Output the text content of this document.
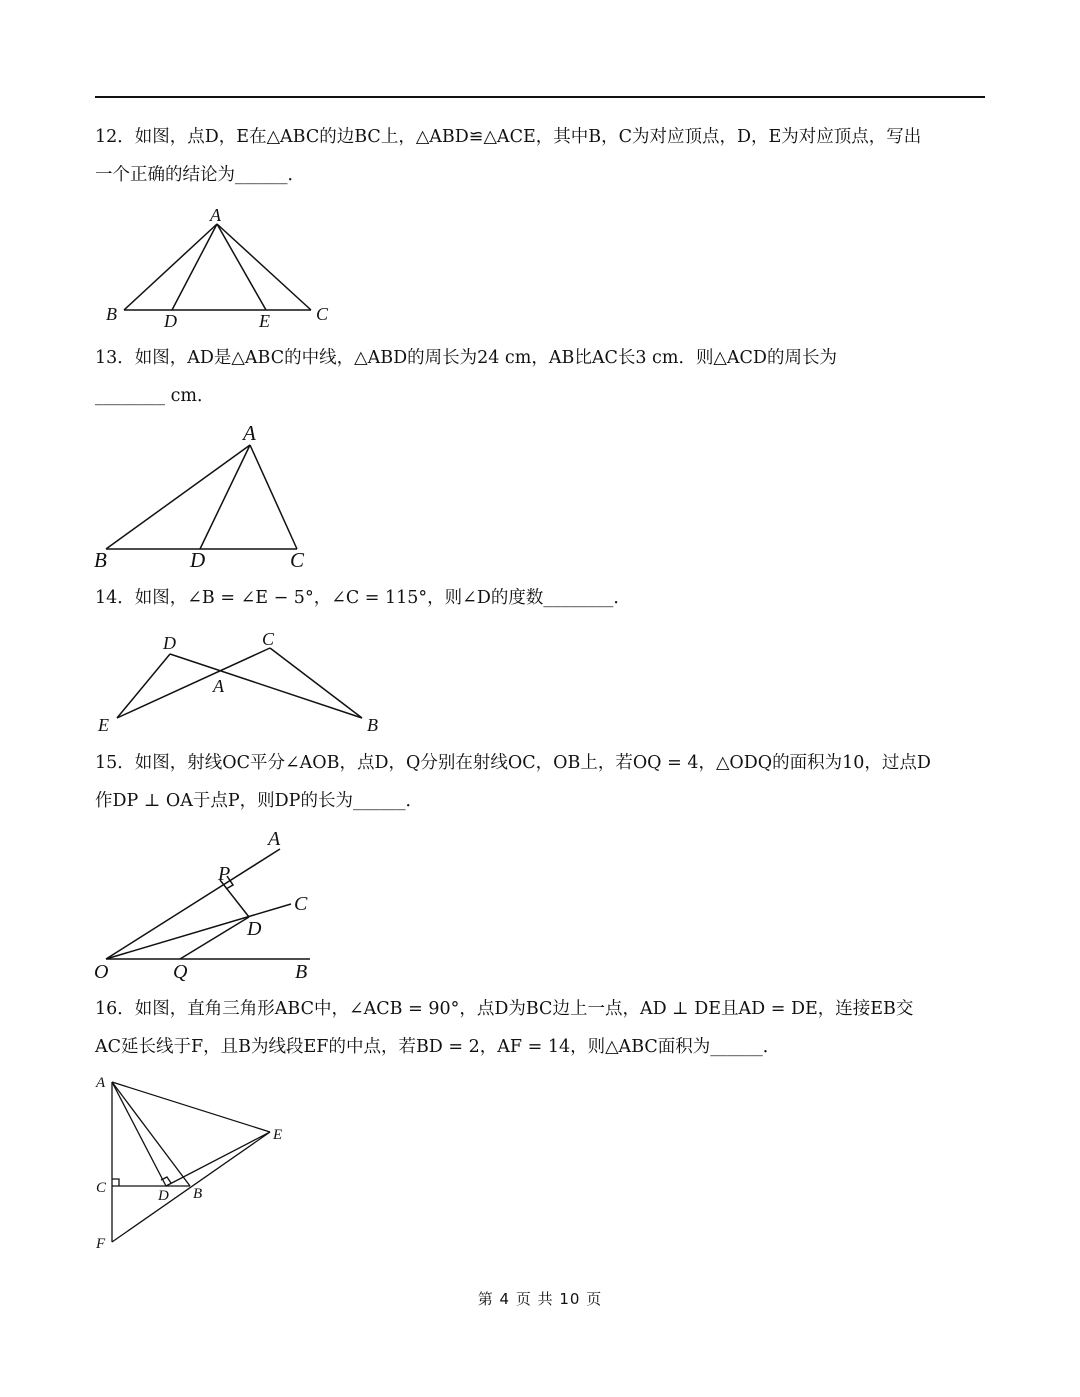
12．如图，点D，E在△ABC的边BC上，△ABD≌△ACE，其中B，C为对应顶点，D，E为对应顶点，写出
一个正确的结论为______．
A
B	D	E	C
13．如图，AD是△ABC的中线，△ABD的周长为24 cm，AB比AC长3 cm．则△ACD的周长为
________ cm．
A
B	D	C
14．如图，∠B = ∠E − 5°，∠C = 115°，则∠D的度数________．
D	C
A
E	B
15．如图，射线OC平分∠AOB，点D，Q分别在射线OC，OB上，若OQ = 4，△ODQ的面积为10，过点D
作DP ⊥ OA于点P，则DP的长为______．
A
P
C
D
O	Q	B
16．如图，直角三角形ABC中，∠ACB = 90°，点D为BC边上一点，AD ⊥ DE且AD = DE，连接EB交
AC延长线于F，且B为线段EF的中点，若BD = 2，AF = 14，则△ABC面积为______．
A
E
C	D B
F
第 4 页 共 10 页
